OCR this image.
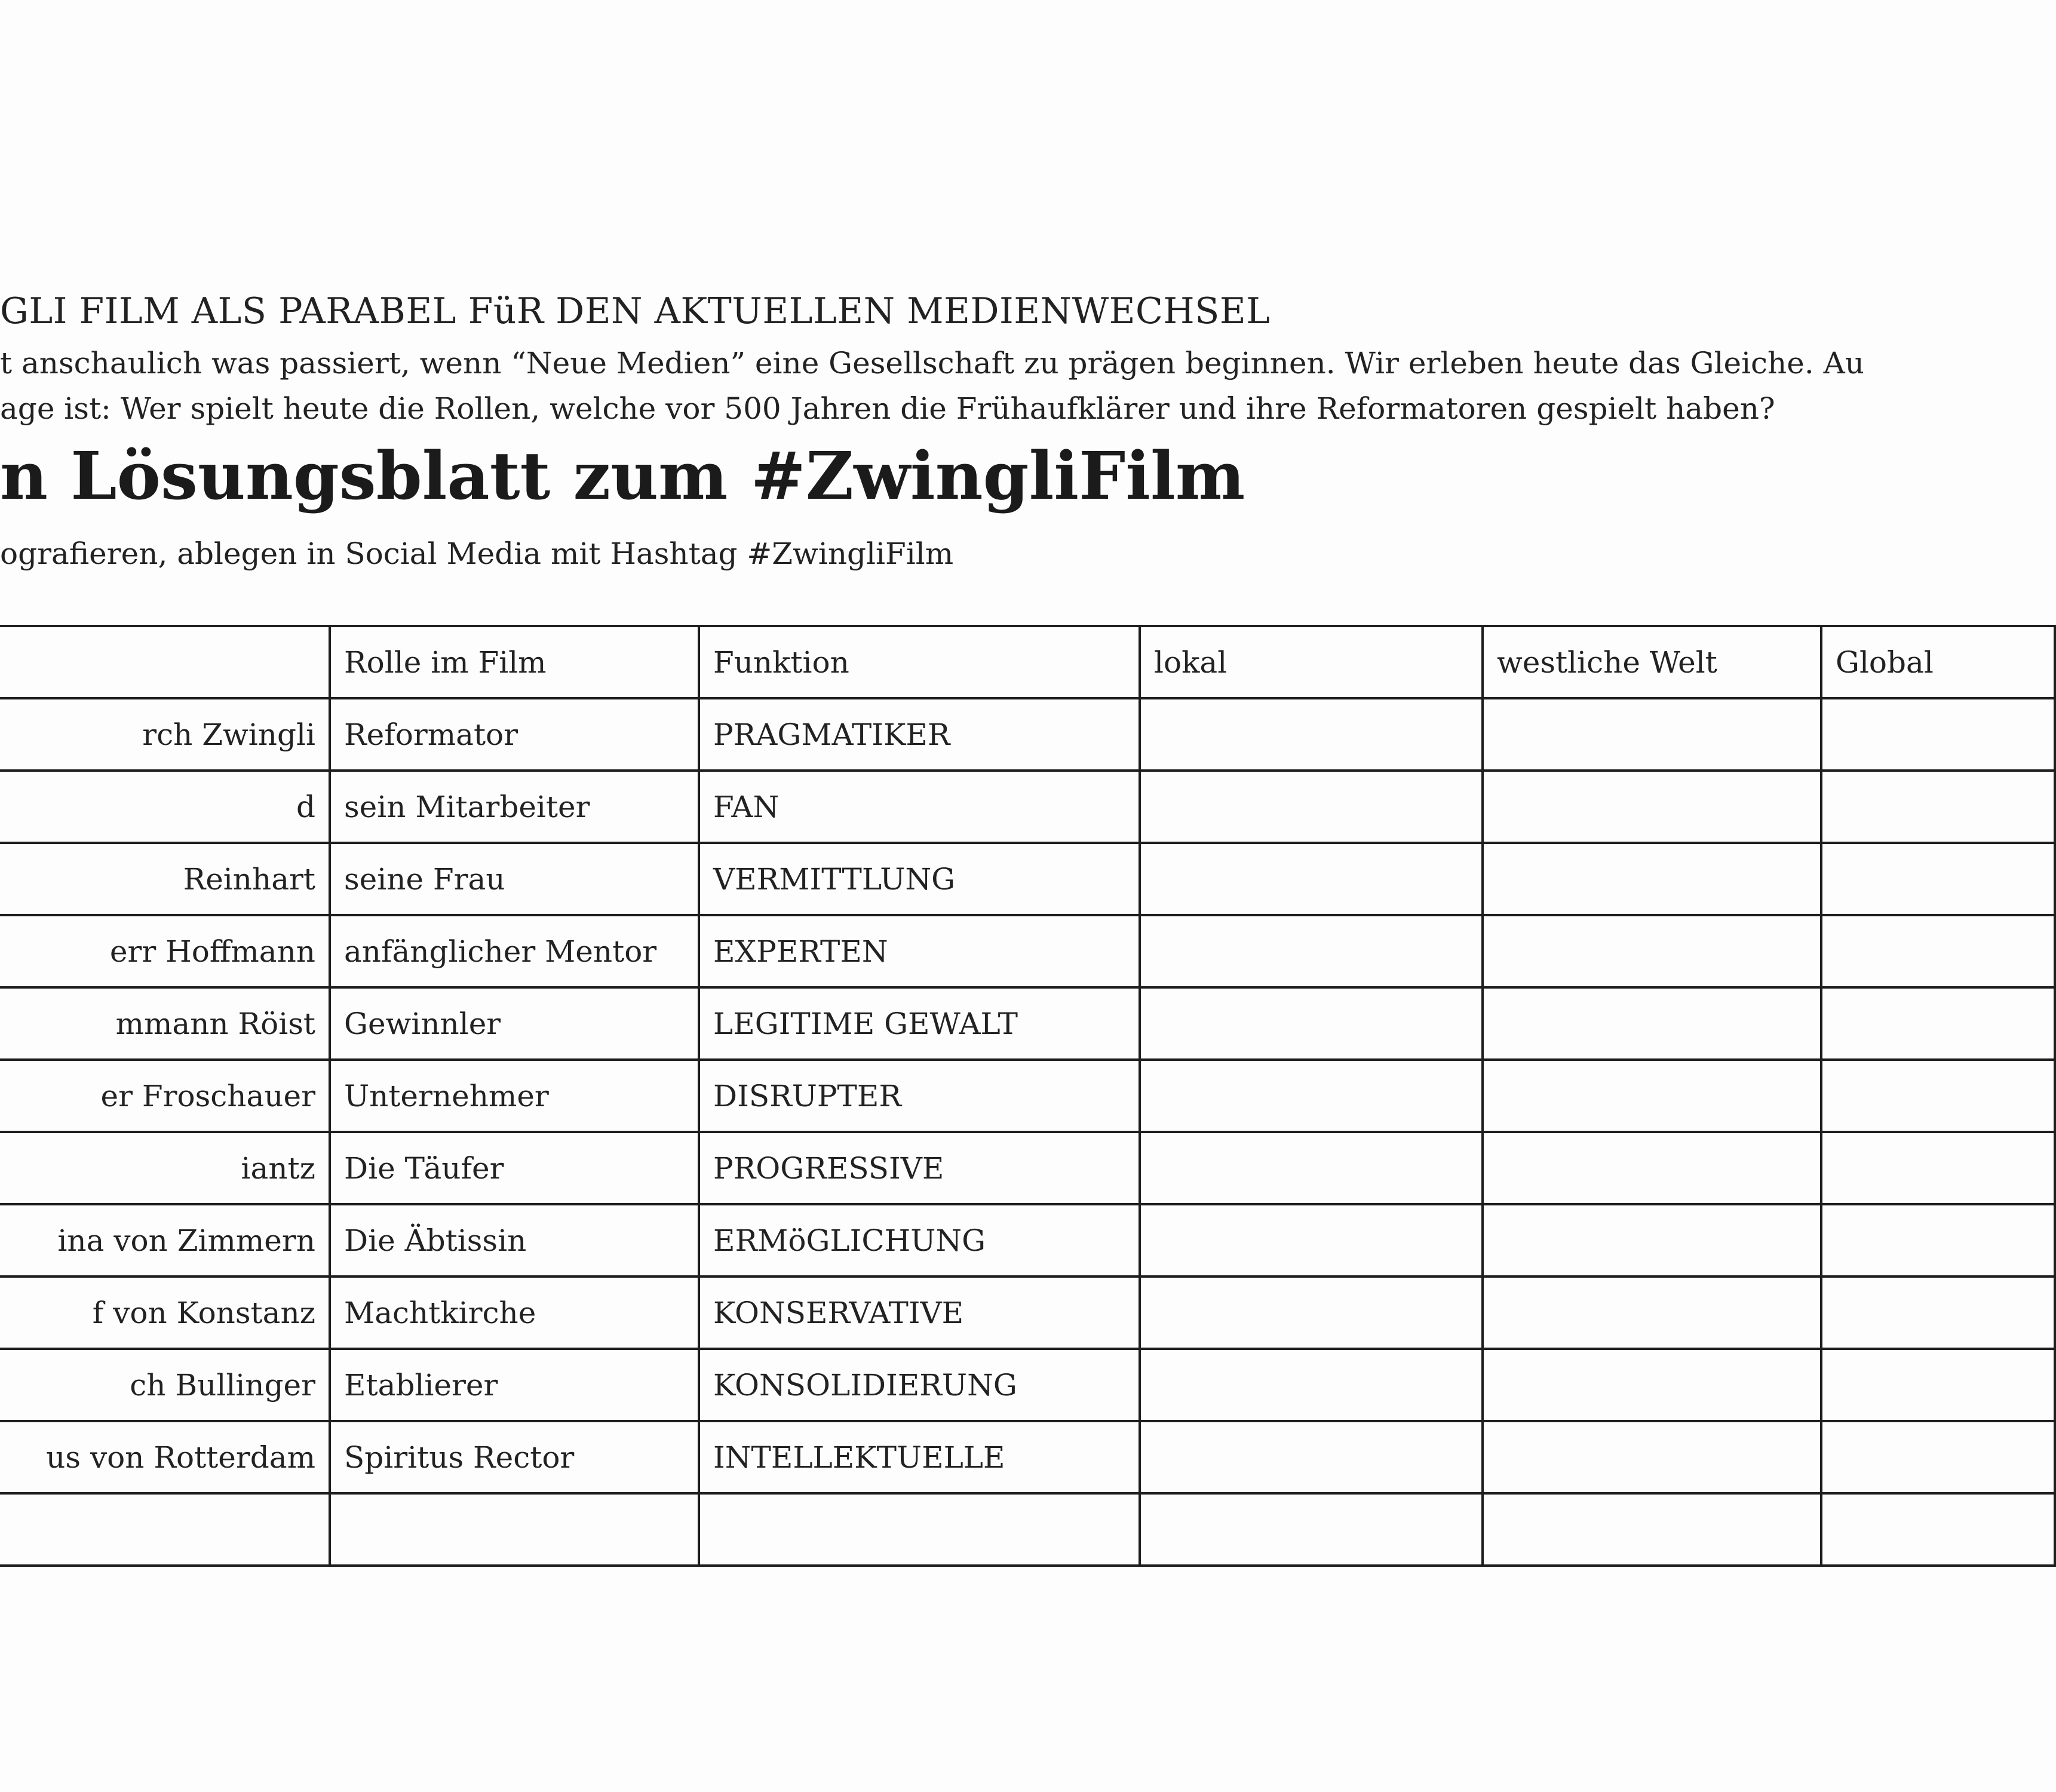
GLI FILM ALS PARABEL FüR DEN AKTUELLEN MEDIENWECHSEL
t anschaulich was passiert, wenn “Neue Medien” eine Gesellschaft zu prägen beginnen. Wir erleben heute das Gleiche. Au
age ist: Wer spielt heute die Rollen, welche vor 500 Jahren die Frühaufklärer und ihre Reformatoren gespielt haben?
n Lösungsblatt zum #ZwingliFilm
ografieren, ablegen in Social Media mit Hashtag #ZwingliFilm
	Rolle im Film	Funktion	lokal	westliche Welt	Global
rch Zwingli	Reformator	PRAGMATIKER			
d	sein Mitarbeiter	FAN			
Reinhart	seine Frau	VERMITTLUNG			
err Hoffmann	anfänglicher Mentor	EXPERTEN			
mmann Röist	Gewinnler	LEGITIME GEWALT			
er Froschauer	Unternehmer	DISRUPTER			
iantz	Die Täufer	PROGRESSIVE			
ina von Zimmern	Die Äbtissin	ERMöGLICHUNG			
f von Konstanz	Machtkirche	KONSERVATIVE			
ch Bullinger	Etablierer	KONSOLIDIERUNG			
us von Rotterdam	Spiritus Rector	INTELLEKTUELLE			
